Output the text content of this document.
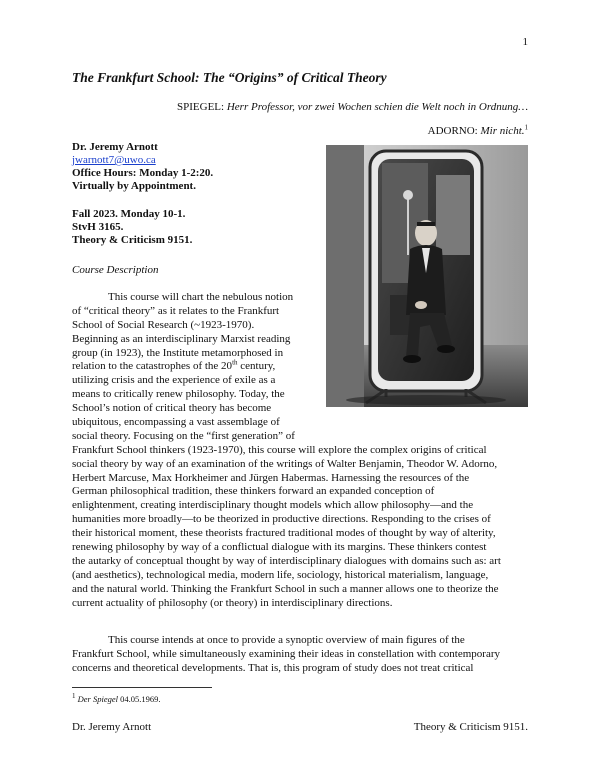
1
The Frankfurt School: The “Origins” of Critical Theory
SPIEGEL: Herr Professor, vor zwei Wochen schien die Welt noch in Ordnung…
ADORNO: Mir nicht.$^1$
Dr. Jeremy Arnott
jwarnott7@uwo.ca
Office Hours: Monday 1-2:20.
Virtually by Appointment.
Fall 2023. Monday 10-1.
StvH 3165.
Theory & Criticism 9151.
Course Description
This course will chart the nebulous notion
of “critical theory” as it relates to the Frankfurt
School of Social Research (~1923-1970).
Beginning as an interdisciplinary Marxist reading
group (in 1923), the Institute metamorphosed in
relation to the catastrophes of the 20th century,
utilizing crisis and the experience of exile as a
means to critically renew philosophy. Today, the
School’s notion of critical theory has become
ubiquitous, encompassing a vast assemblage of
social theory. Focusing on the “first generation” of
Frankfurt School thinkers (1923-1970), this course will explore the complex origins of critical
social theory by way of an examination of the writings of Walter Benjamin, Theodor W. Adorno,
Herbert Marcuse, Max Horkheimer and Jürgen Habermas. Harnessing the resources of the
German philosophical tradition, these thinkers forward an expanded conception of
enlightenment, creating interdisciplinary thought models which allow philosophy—and the
humanities more broadly—to be theorized in productive directions. Responding to the crises of
their historical moment, these theorists fractured traditional modes of thought by way of alterity,
renewing philosophy by way of a conflictual dialogue with its margins. These thinkers contest
the autarky of conceptual thought by way of interdisciplinary dialogues with domains such as: art
(and aesthetics), technological media, modern life, sociology, historical materialism, language,
and the natural world. Thinking the Frankfurt School in such a manner allows one to theorize the
current actuality of philosophy (or theory) in interdisciplinary directions.
This course intends at once to provide a synoptic overview of main figures of the
Frankfurt School, while simultaneously examining their ideas in constellation with contemporary
concerns and theoretical developments. That is, this program of study does not treat critical
$^1$ Der Spiegel 04.05.1969.
Dr. Jeremy Arnott	Theory & Criticism 9151.
